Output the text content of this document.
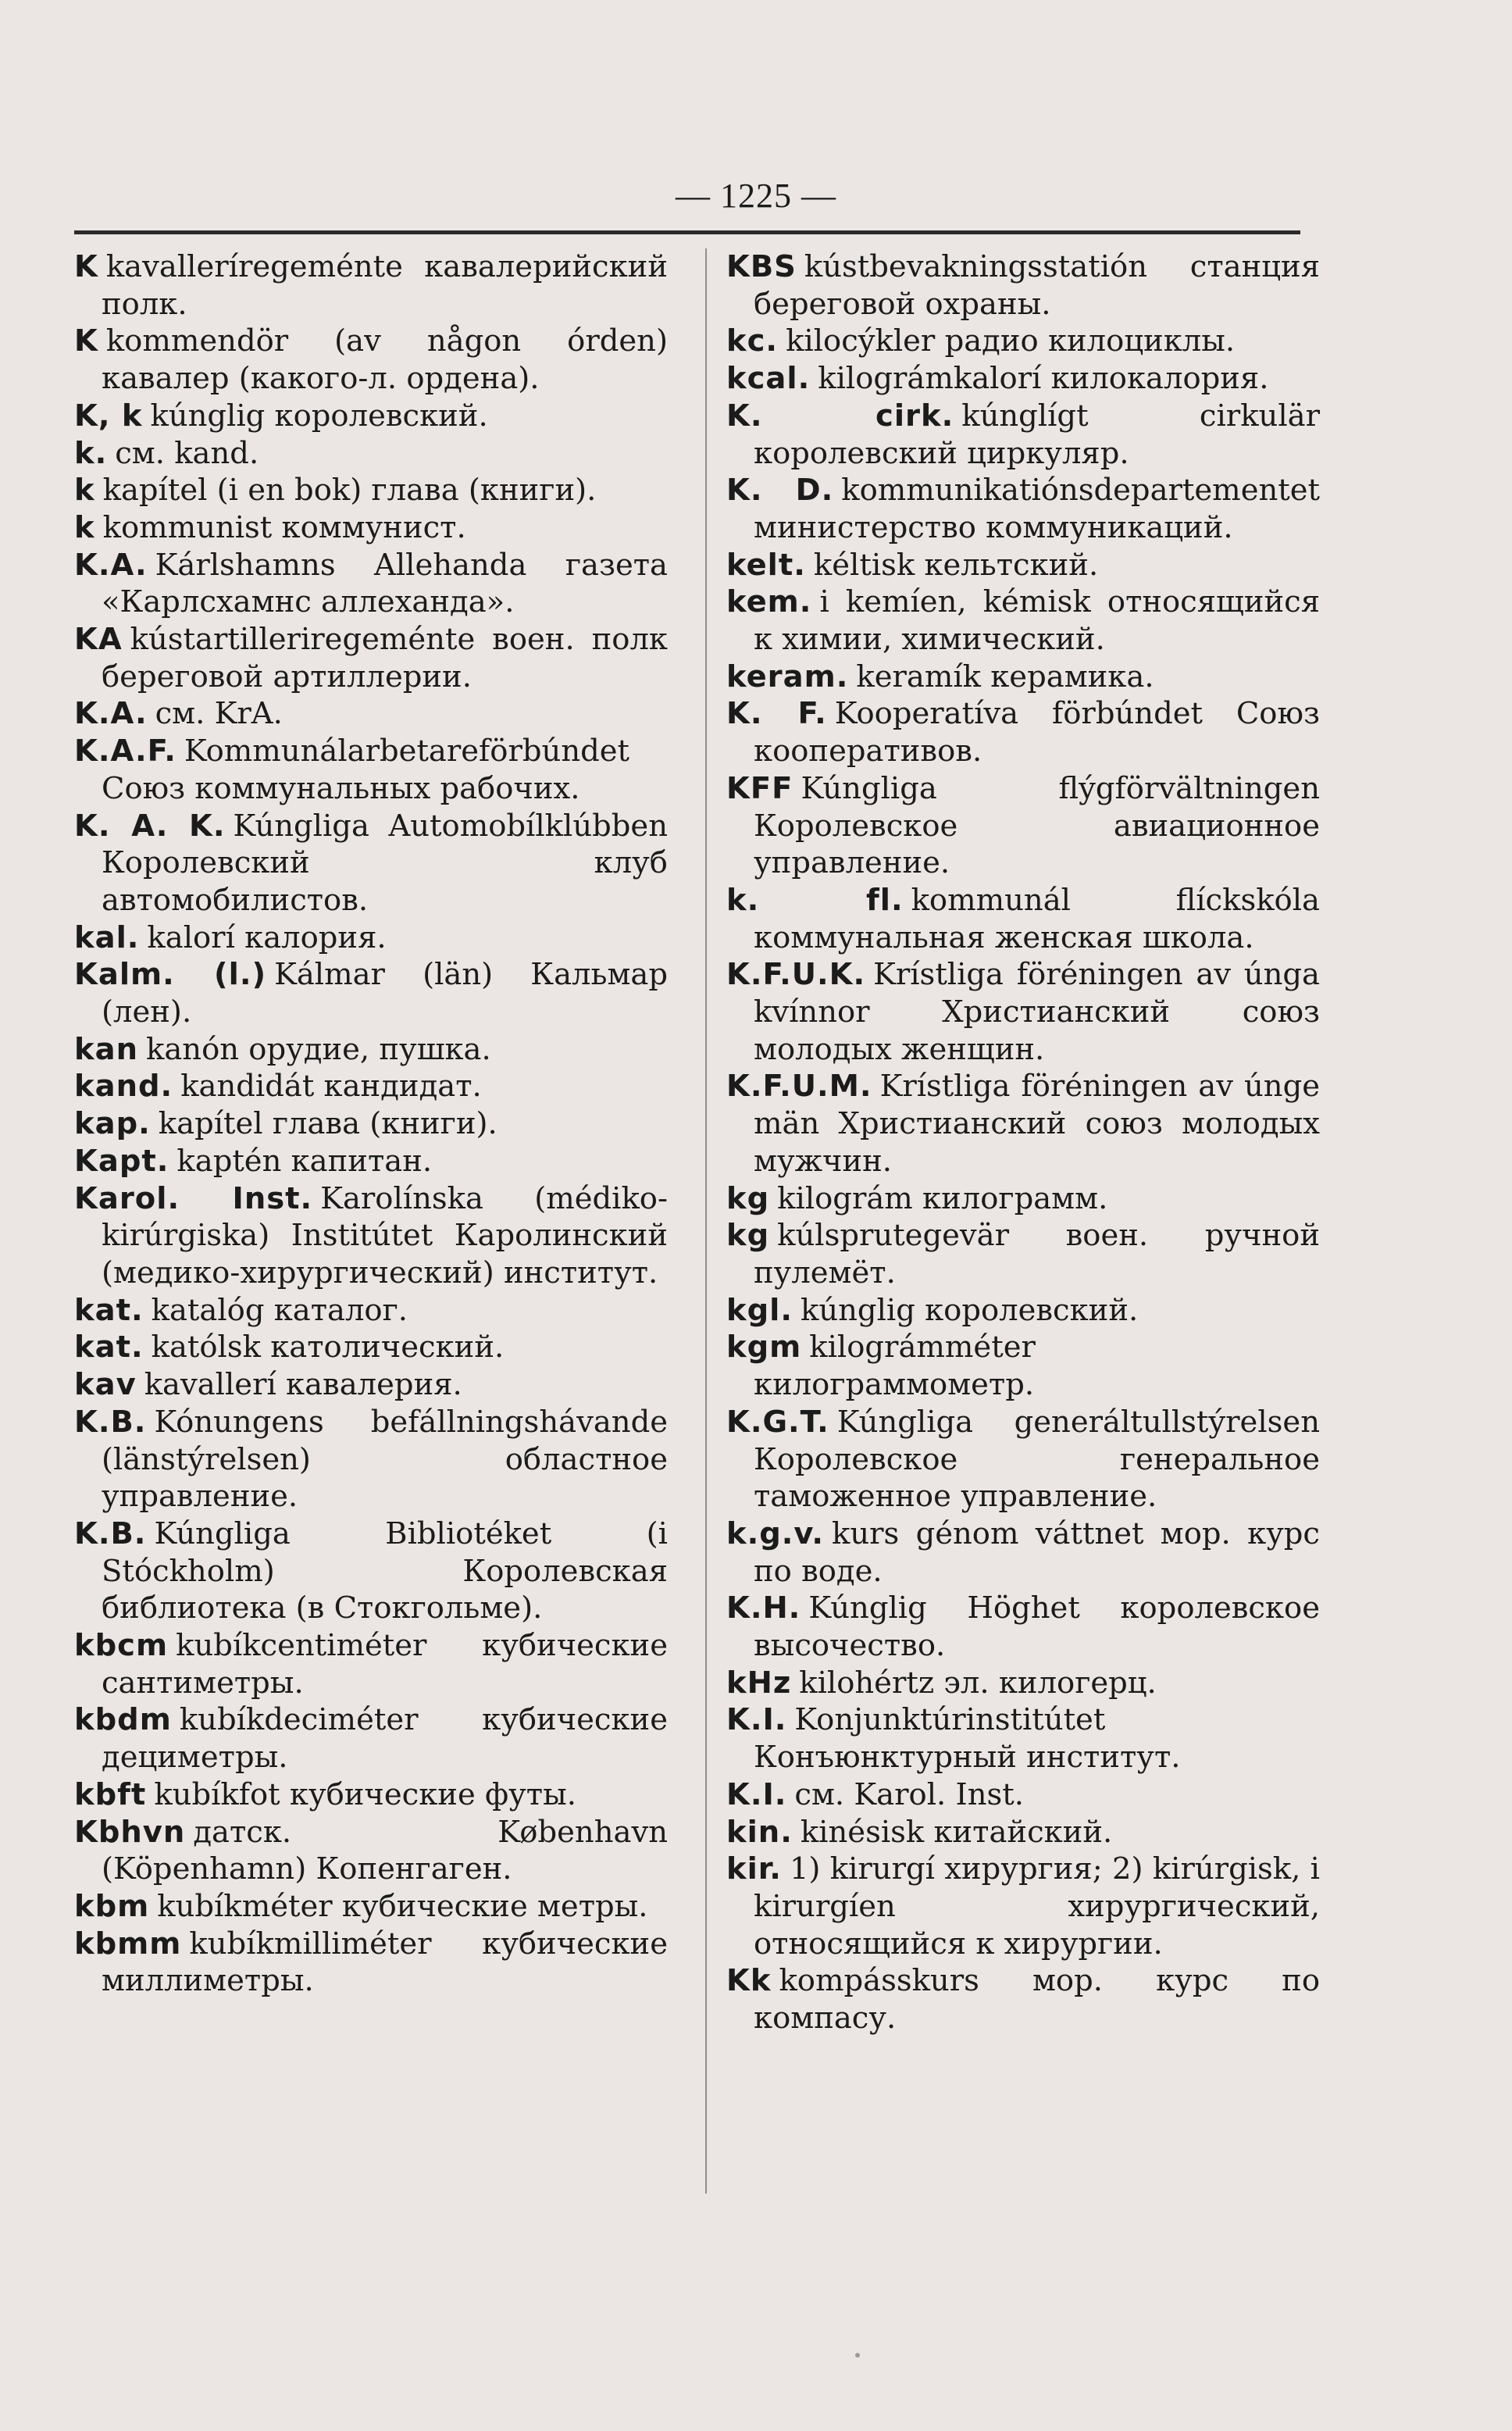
— 1225 —
K kavalleríregeménte кавалерийский полк.
K kommendör (av någon órden) кавалер (какого-л. ордена).
K, k kúnglig королевский.
k. см. kand.
k kapítel (i en bok) глава (книги).
k kommunist коммунист.
K.A. Kárlshamns Allehanda газета «Карлсхамнс аллеханда».
KA kústartilleriregeménte воен. полк береговой артиллерии.
K.A. см. KrA.
K.A.F. Kommunálarbetareförbúndet Союз коммунальных рабочих.
K. A. K. Kúngliga Automobílklúbben Королевский клуб автомобилистов.
kal. kalorí калория.
Kalm. (l.) Kálmar (län) Кальмар (лен).
kan kanón орудие, пушка.
kand. kandidát кандидат.
kap. kapítel глава (книги).
Kapt. kaptén капитан.
Karol. Inst. Karolínska (médiko-kirúrgiska) Institútet Каролинский (медико-хирургический) институт.
kat. katalóg каталог.
kat. katólsk католический.
kav kavallerí кавалерия.
K.B. Kónungens befállningshávande (länstýrelsen) областное управление.
K.B. Kúngliga Bibliotéket (i Stóckholm) Королевская библиотека (в Стокгольме).
kbcm kubíkcentiméter кубические сантиметры.
kbdm kubíkdeciméter кубические дециметры.
kbft kubíkfot кубические футы.
Kbhvn датск. København (Köpenhamn) Копенгаген.
kbm kubíkméter кубические метры.
kbmm kubíkmilliméter кубические миллиметры.
KBS kústbevakningsstatión станция береговой охраны.
kc. kilocýkler радио килоциклы.
kcal. kilográmkalorí килокалория.
K. cirk. kúnglígt cirkulär королевский циркуляр.
K. D. kommunikatiónsdepartementet министерство коммуникаций.
kelt. kéltisk кельтский.
kem. i kemíen, kémisk относящийся к химии, химический.
keram. keramík керамика.
K. F. Kooperatíva förbúndet Союз кооперативов.
KFF Kúngliga flýgförvältningen Королевское авиационное управление.
k. fl. kommunál flíckskóla коммунальная женская школа.
K.F.U.K. Krístliga föréningen av únga kvínnor Христианский союз молодых женщин.
K.F.U.M. Krístliga föréningen av únge män Христианский союз молодых мужчин.
kg kilográm килограмм.
kg kúlsprutegevär воен. ручной пулемёт.
kgl. kúnglig королевский.
kgm kilográmméter килограммометр.
K.G.T. Kúngliga generáltullstýrelsen Королевское генеральное таможенное управление.
k.g.v. kurs génom váttnet мор. курс по воде.
K.H. Kúnglig Höghet королевское высочество.
kHz kilohértz эл. килогерц.
K.I. Konjunktúrinstitútet Конъюнктурный институт.
K.I. см. Karol. Inst.
kin. kinésisk китайский.
kir. 1) kirurgí хирургия; 2) kirúrgisk, i kirurgíen хирургический, относящийся к хирургии.
Kk kompásskurs мор. курс по компасу.
